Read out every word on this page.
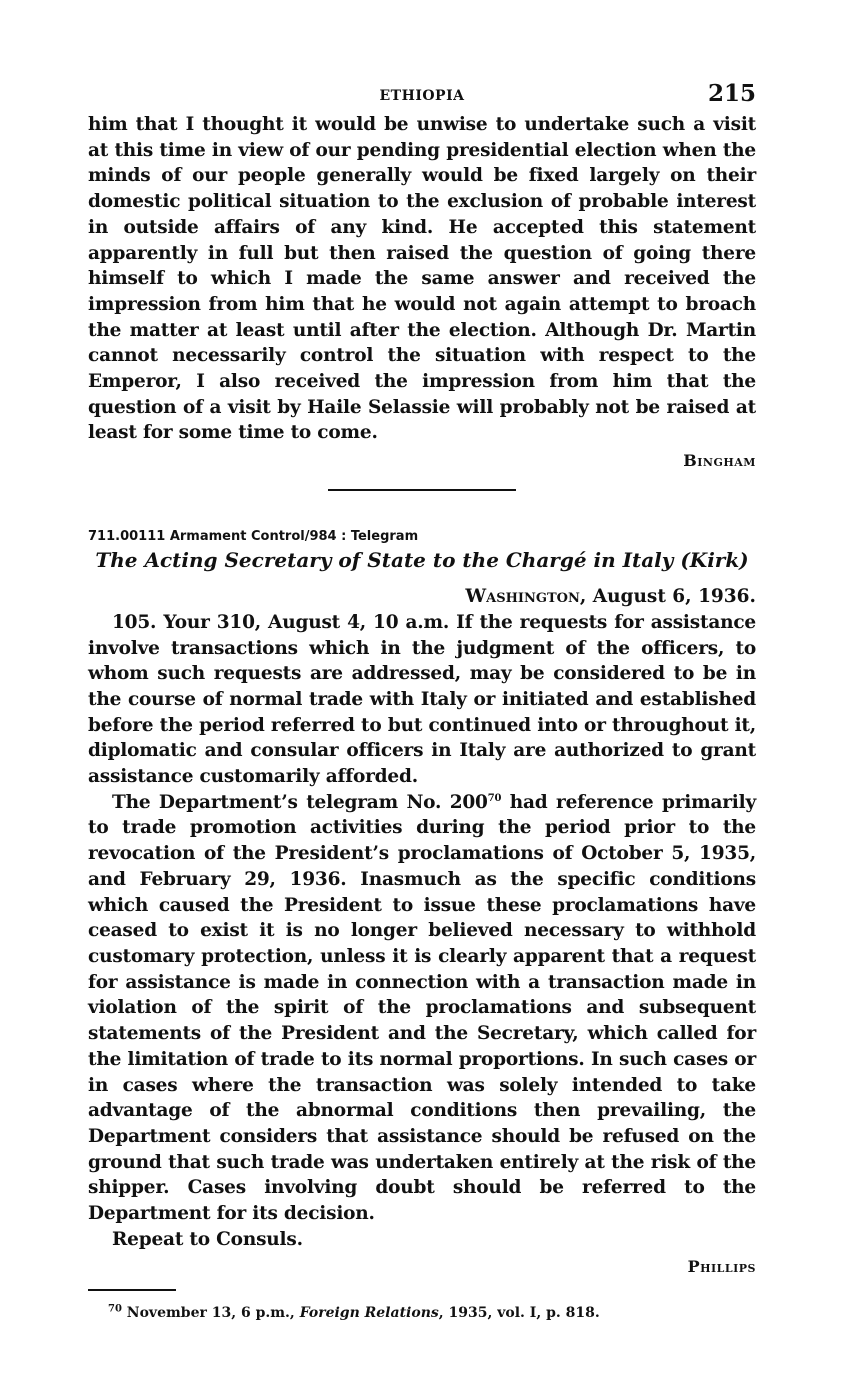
ETHIOPIA	215

him that I thought it would be unwise to undertake such a visit at this time in view of our pending presidential election when the minds of our people generally would be fixed largely on their domestic political situation to the exclusion of probable interest in outside affairs of any kind. He accepted this statement apparently in full but then raised the question of going there himself to which I made the same answer and received the impression from him that he would not again attempt to broach the matter at least until after the election. Although Dr. Martin cannot necessarily control the situation with respect to the Emperor, I also received the impression from him that the question of a visit by Haile Selassie will probably not be raised at least for some time to come.

Bingham
711.00111 Armament Control/984 : Telegram
The Acting Secretary of State to the Chargé in Italy (Kirk)
Washington, August 6, 1936.

105. Your 310, August 4, 10 a.m. If the requests for assistance involve transactions which in the judgment of the officers, to whom such requests are addressed, may be considered to be in the course of normal trade with Italy or initiated and established before the period referred to but continued into or throughout it, diplomatic and consular officers in Italy are authorized to grant assistance customarily afforded.

The Department’s telegram No. $200^{70}$ had reference primarily to trade promotion activities during the period prior to the revocation of the President’s proclamations of October 5, 1935, and February 29, 1936. Inasmuch as the specific conditions which caused the President to issue these proclamations have ceased to exist it is no longer believed necessary to withhold customary protection, unless it is clearly apparent that a request for assistance is made in connection with a transaction made in violation of the spirit of the proclamations and subsequent statements of the President and the Secretary, which called for the limitation of trade to its normal proportions. In such cases or in cases where the transaction was solely intended to take advantage of the abnormal conditions then prevailing, the Department considers that assistance should be refused on the ground that such trade was undertaken entirely at the risk of the shipper. Cases involving doubt should be referred to the Department for its decision.

Repeat to Consuls.

Phillips
$^{70}$ November 13, 6 p.m., Foreign Relations, 1935, vol. I, p. 818.
